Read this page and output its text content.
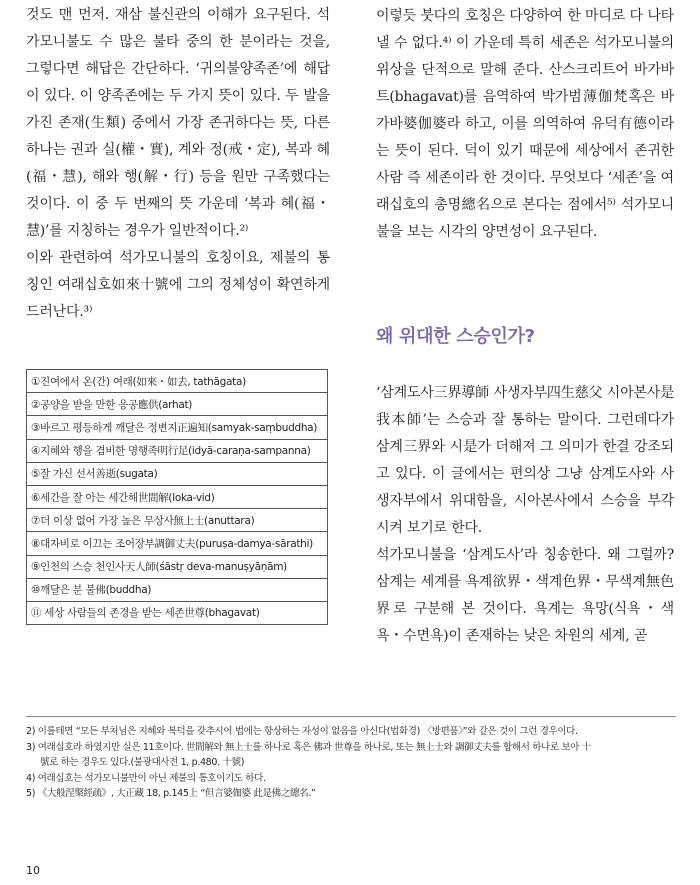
것도 맨 먼저. 재삼 불신관의 이해가 요구된다. 석가모니불도 수 많은 불타 중의 한 분이라는 것을, 그렇다면 해답은 간단하다. ‘귀의불양족존’에 해답이 있다. 이 양족존에는 두 가지 뜻이 있다. 두 발을 가진 존재(生類) 중에서 가장 존귀하다는 뜻, 다른 하나는 권과 실(權・實), 계와 정(戒・定), 복과 혜(福・慧), 해와 행(解・行) 등을 원만 구족했다는 것이다. 이 중 두 번째의 뜻 가운데 ‘복과 혜(福・慧)’를 지칭하는 경우가 일반적이다.²⁾

이와 관련하여 석가모니불의 호칭이요, 제불의 통칭인 여래십호如來十號에 그의 정체성이 확연하게 드러난다.³⁾

①진여에서 온(간) 여래(如來・如去, tathāgata)
②공양을 받을 만한 응공應供(arhat)
③바르고 평등하게 깨달은 정변지正遍知(samyak-saṃbuddha)
④지혜와 행을 겸비한 명행족明行足(idyā-caraṇa-sampanna)
⑤잘 가신 선서善逝(sugata)
⑥세간을 잘 아는 세간해世間解(loka-vid)
⑦더 이상 없어 가장 높은 무상사無上士(anuttara)
⑧대자비로 이끄는 조어장부調御丈夫(puruṣa-damya-sārathi)
⑨인천의 스승 천인사天人師(śāstṛ deva-manuṣyāṇām)
⑩깨달은 분 불佛(buddha)
⑪ 세상 사람들의 존경을 받는 세존世尊(bhagavat)

이렇듯 붓다의 호칭은 다양하여 한 마디로 다 나타낼 수 없다.⁴⁾ 이 가운데 특히 세존은 석가모니불의 위상을 단적으로 말해 준다. 산스크리트어 바가바트(bhagavat)를 음역하여 박가범薄伽梵혹은 바가바婆伽婆라 하고, 이를 의역하여 유덕有德이라는 뜻이 된다. 덕이 있기 때문에 세상에서 존귀한 사람 즉 세존이라 한 것이다. 무엇보다 ‘세존’을 여래십호의 총명總名으로 본다는 점에서⁵⁾ 석가모니불을 보는 시각의 양면성이 요구된다.

왜 위대한 스승인가?

‘삼계도사三界導師 사생자부四生慈父 시아본사是我本師’는 스승과 잘 통하는 말이다. 그런데다가 삼계三界와 시是가 더해져 그 의미가 한결 강조되고 있다. 이 글에서는 편의상 그냥 삼계도사와 사생자부에서 위대함을, 시아본사에서 스승을 부각시켜 보기로 한다.

석가모니불을 ‘삼계도사’라 칭송한다. 왜 그럴까? 삼계는 세계를 욕계欲界・색계色界・무색계無色界로 구분해 본 것이다. 욕계는 욕망(식욕・색욕・수면욕)이 존재하는 낮은 차원의 세계, 곧

2) 이를테면 “모든 부처님은 지혜와 복덕을 갖추시어 법에는 항상하는 자성이 없음을 아신다(법화경) 〈방편품〉”와 같은 것이 그런 경우이다.
3) 여래십호라 하였지만 실은 11호이다. 世間解와 無上士를 하나로 혹은 佛과 世尊을 하나로, 또는 無上士와 調御丈夫를 합해서 하나로 보아 十
號로 하는 경우도 있다.(불광대사전 1, p.480. 十號)
4) 여래십호는 석가모니불만이 아닌 제불의 통호이기도 하다.
5) 《大般涅槃經疏》, 大正藏 18, p.145上 “但言婆伽婆 此是佛之總名.”
10
